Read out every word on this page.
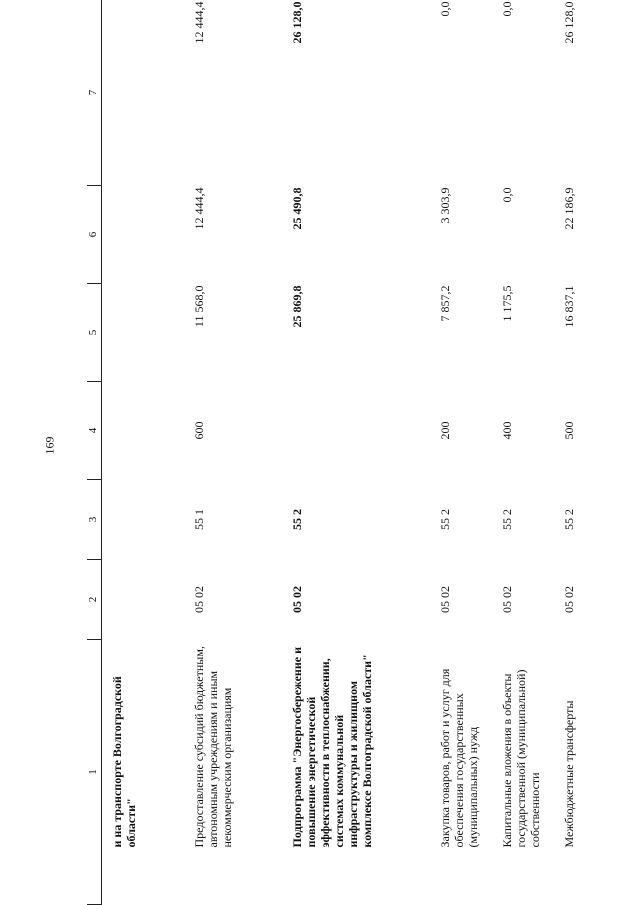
169
1	2	3	4	5	6	7
и на транспорте Волгоградской области"						
Предоставление субсидий бюджетным, автономным учреждениям и иным некоммерческим организациям	05 02	55 1	600	11 568,0	12 444,4	12 444,4
Подпрограмма "Энергосбережение и повышение энергетической эффективности в теплоснабжении, системах коммунальной инфраструктуры и жилищном комплексе Волгоградской области"	05 02	55 2		25 869,8	25 490,8	26 128,0
Закупка товаров, работ и услуг для обеспечения государственных (муниципальных) нужд	05 02	55 2	200	7 857,2	3 303,9	0,0
Капитальные вложения в объекты государственной (муниципальной) собственности	05 02	55 2	400	1 175,5	0,0	0,0
Межбюджетные трансферты	05 02	55 2	500	16 837,1	22 186,9	26 128,0
